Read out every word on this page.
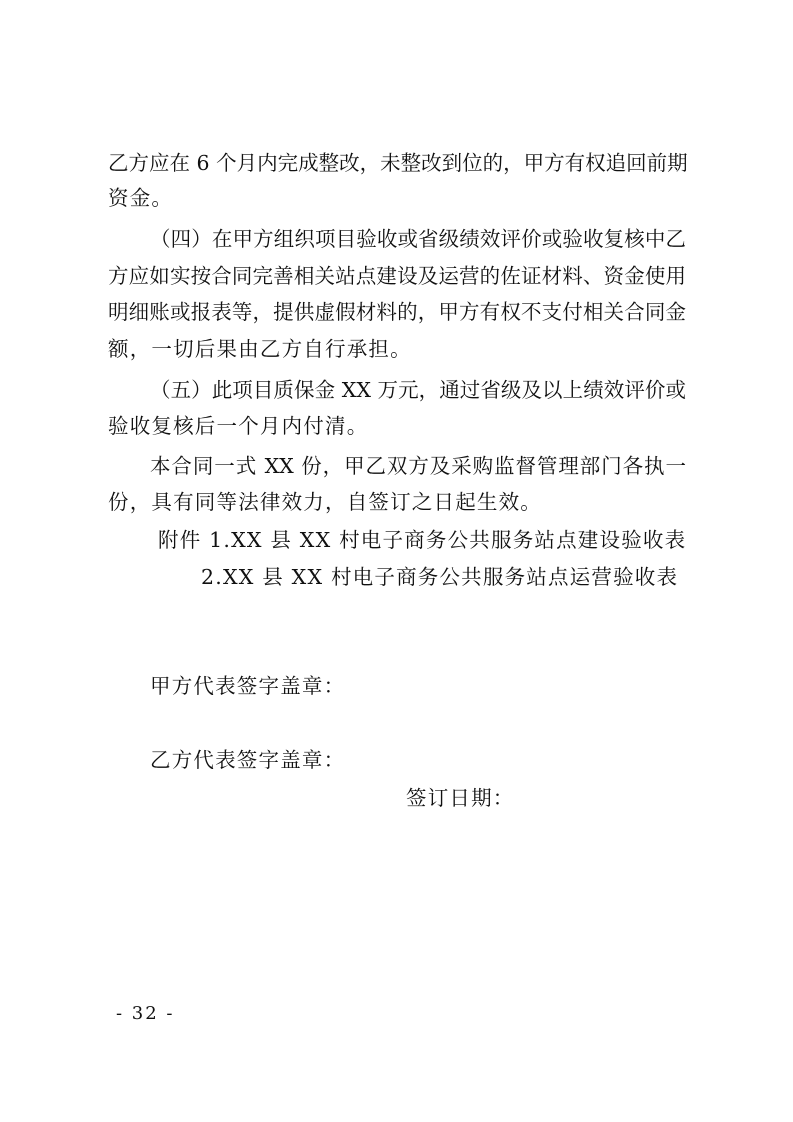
乙方应在 6 个月内完成整改，未整改到位的，甲方有权追回前期
资金。
（四）在甲方组织项目验收或省级绩效评价或验收复核中乙
方应如实按合同完善相关站点建设及运营的佐证材料、资金使用
明细账或报表等，提供虚假材料的，甲方有权不支付相关合同金
额，一切后果由乙方自行承担。
（五）此项目质保金 XX 万元，通过省级及以上绩效评价或
验收复核后一个月内付清。
本合同一式 XX 份，甲乙双方及采购监督管理部门各执一
份，具有同等法律效力，自签订之日起生效。
附件 1.XX 县 XX 村电子商务公共服务站点建设验收表
2.XX 县 XX 村电子商务公共服务站点运营验收表
甲方代表签字盖章：
乙方代表签字盖章：
签订日期：
- 32 -
